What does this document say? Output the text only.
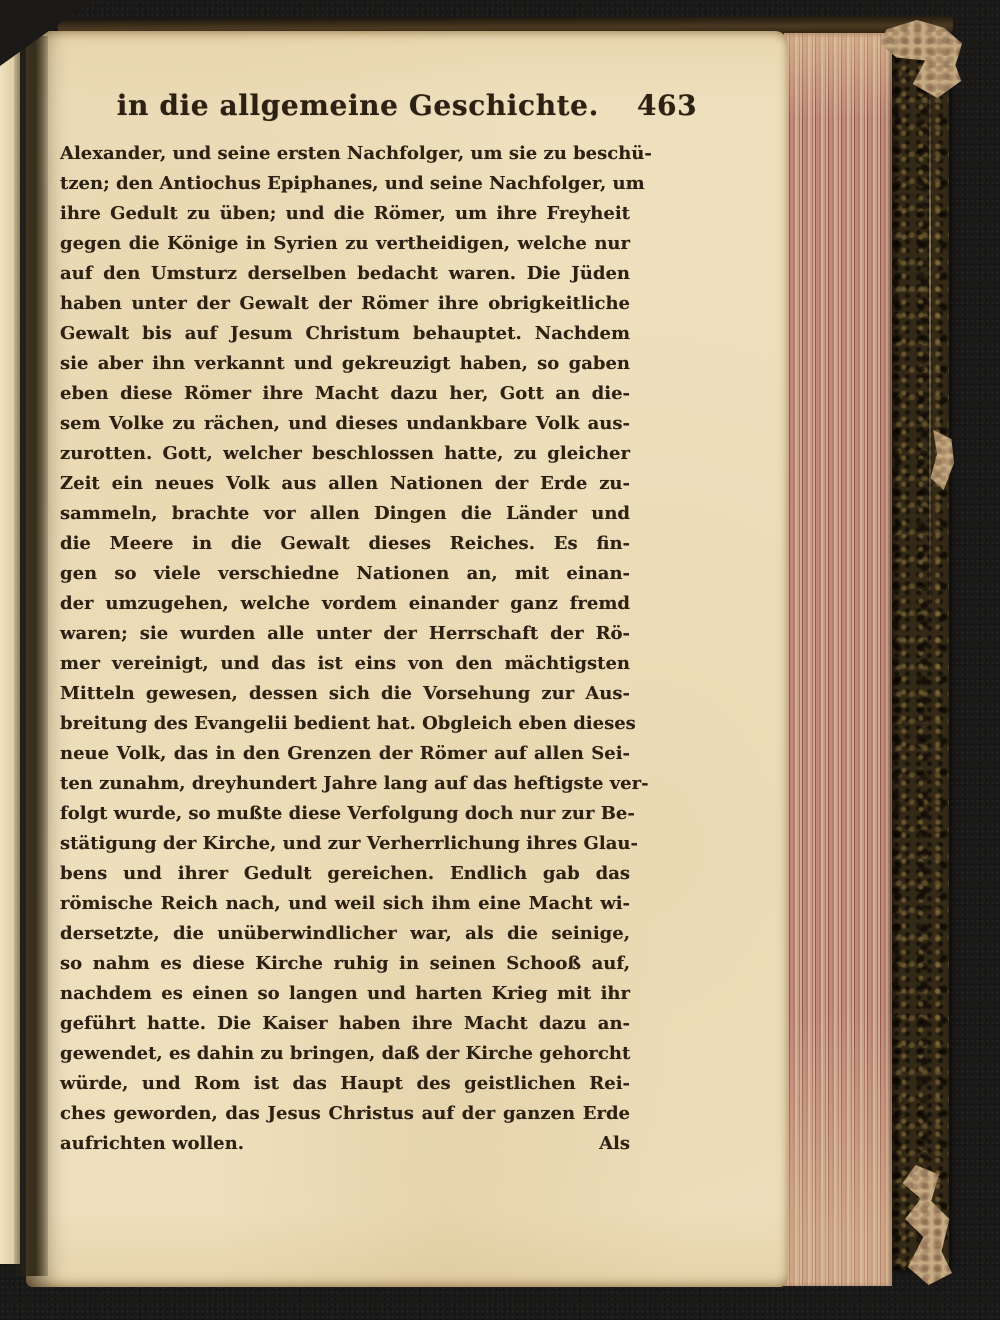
in die allgemeine Geschichte. 463
Alexander, und seine ersten Nachfolger, um sie zu beschü-
tzen; den Antiochus Epiphanes, und seine Nachfolger, um
ihre Gedult zu üben; und die Römer, um ihre Freyheit
gegen die Könige in Syrien zu vertheidigen, welche nur
auf den Umsturz derselben bedacht waren. Die Jüden
haben unter der Gewalt der Römer ihre obrigkeitliche
Gewalt bis auf Jesum Christum behauptet. Nachdem
sie aber ihn verkannt und gekreuzigt haben, so gaben
eben diese Römer ihre Macht dazu her, Gott an die-
sem Volke zu rächen, und dieses undankbare Volk aus-
zurotten. Gott, welcher beschlossen hatte, zu gleicher
Zeit ein neues Volk aus allen Nationen der Erde zu-
sammeln, brachte vor allen Dingen die Länder und
die Meere in die Gewalt dieses Reiches. Es fin-
gen so viele verschiedne Nationen an, mit einan-
der umzugehen, welche vordem einander ganz fremd
waren; sie wurden alle unter der Herrschaft der Rö-
mer vereinigt, und das ist eins von den mächtigsten
Mitteln gewesen, dessen sich die Vorsehung zur Aus-
breitung des Evangelii bedient hat. Obgleich eben dieses
neue Volk, das in den Grenzen der Römer auf allen Sei-
ten zunahm, dreyhundert Jahre lang auf das heftigste ver-
folgt wurde, so mußte diese Verfolgung doch nur zur Be-
stätigung der Kirche, und zur Verherrlichung ihres Glau-
bens und ihrer Gedult gereichen. Endlich gab das
römische Reich nach, und weil sich ihm eine Macht wi-
dersetzte, die unüberwindlicher war, als die seinige,
so nahm es diese Kirche ruhig in seinen Schooß auf,
nachdem es einen so langen und harten Krieg mit ihr
geführt hatte. Die Kaiser haben ihre Macht dazu an-
gewendet, es dahin zu bringen, daß der Kirche gehorcht
würde, und Rom ist das Haupt des geistlichen Rei-
ches geworden, das Jesus Christus auf der ganzen Erde
aufrichten wollen.	Als
